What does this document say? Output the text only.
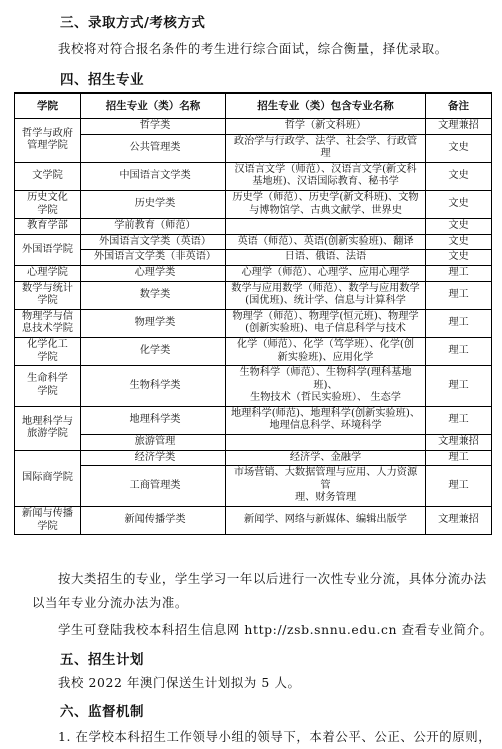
三、录取方式/考核方式
我校将对符合报名条件的考生进行综合面试，综合衡量，择优录取。
四、招生专业
学院	招生专业（类）名称	招生专业（类）包含专业名称	备注
哲学与政府
管理学院	哲学类	哲学（新文科班）	文理兼招
	公共管理类	政治学与行政学、法学、社会学、行政管理	文史
文学院	中国语言文学类	汉语言文学（师范）、汉语言文学(新文科
基地班)、汉语国际教育、秘书学	文史
历史文化
学院	历史学类	历史学（师范）、历史学(新文科班)、文物
与博物馆学、古典文献学、世界史	文史
教育学部	学前教育（师范）		文史
外国语学院	外国语言文学类（英语）	英语（师范）、英语(创新实验班)、翻译	文史
	外国语言文学类（非英语）	日语、俄语、法语	文史
心理学院	心理学类	心理学（师范）、心理学、应用心理学	理工
数学与统计
学院	数学类	数学与应用数学（师范）、数学与应用数学
(国优班)、统计学、信息与计算科学	理工
物理学与信
息技术学院	物理学类	物理学（师范）、物理学(恒元班)、物理学
(创新实验班)、电子信息科学与技术	理工
化学化工
学院	化学类	化学（师范）、化学（笃学班）、化学(创
新实验班)、应用化学	理工
生命科学
学院	生物科学类	生物科学（师范）、生物科学(理科基地班)、
生物技术（哲民实验班）、 生态学	理工
地理科学与
旅游学院	地理科学类	地理科学(师范)、地理科学(创新实验班)、
地理信息科学、环境科学	理工
	旅游管理		文理兼招
国际商学院	经济学类	经济学、金融学	理工
	工商管理类	市场营销、大数据管理与应用、人力资源管
理、财务管理	理工
新闻与传播
学院	新闻传播学类	新闻学、网络与新媒体、编辑出版学	文理兼招
按大类招生的专业，学生学习一年以后进行一次性专业分流，具体分流办法
以当年专业分流办法为准。
学生可登陆我校本科招生信息网 http://zsb.snnu.edu.cn 查看专业简介。
五、招生计划
我校 2022 年澳门保送生计划拟为 5 人。
六、监督机制
1. 在学校本科招生工作领导小组的领导下，本着公平、公正、公开的原则，
